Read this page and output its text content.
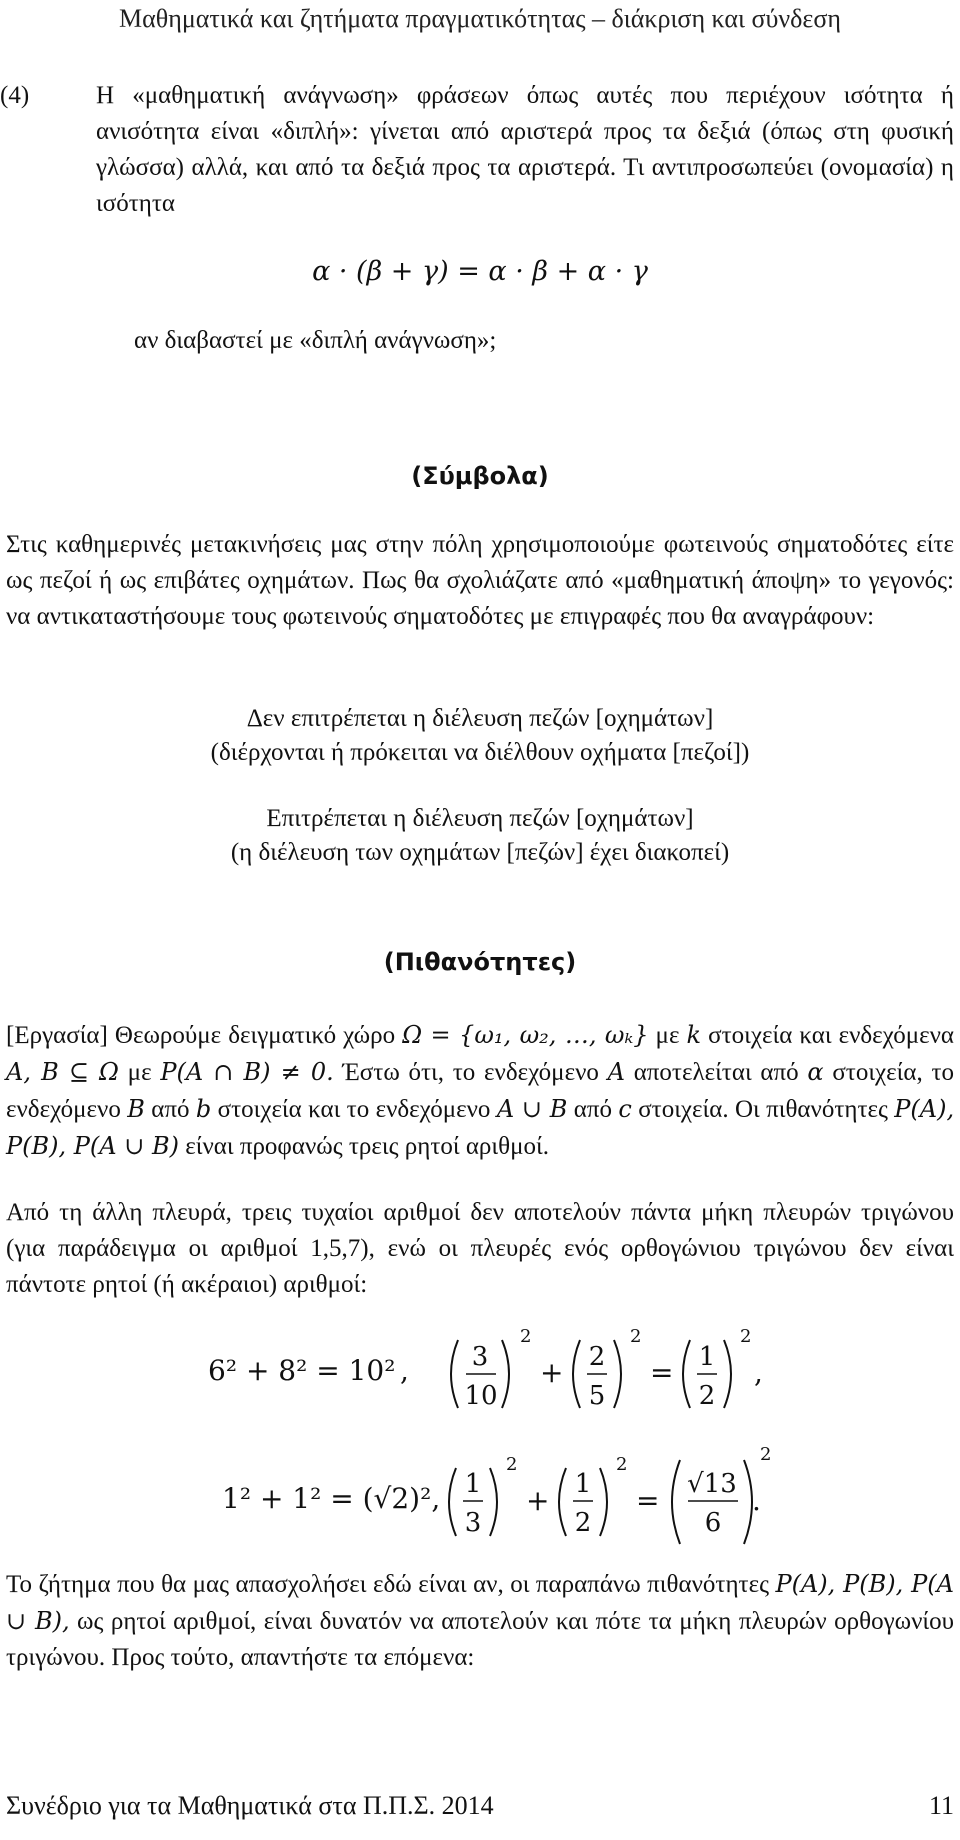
Μαθηματικά και ζητήματα πραγματικότητας – διάκριση και σύνδεση
(4)	Η «μαθηματική ανάγνωση» φράσεων όπως αυτές που περιέχουν ισότητα ή ανισότητα είναι «διπλή»: γίνεται από αριστερά προς τα δεξιά (όπως στη φυσική γλώσσα) αλλά, και από τα δεξιά προς τα αριστερά. Τι αντιπροσωπεύει (ονομασία) η ισότητα
α · (β + γ) = α · β + α · γ
αν διαβαστεί με «διπλή ανάγνωση»;
(Σύμβολα)
Στις καθημερινές μετακινήσεις μας στην πόλη χρησιμοποιούμε φωτεινούς σηματοδότες είτε ως πεζοί ή ως επιβάτες οχημάτων. Πως θα σχολιάζατε από «μαθηματική άποψη» το γεγονός: να αντικαταστήσουμε τους φωτεινούς σηματοδότες με επιγραφές που θα αναγράφουν:
Δεν επιτρέπεται η διέλευση πεζών [οχημάτων]
(διέρχονται ή πρόκειται να διέλθουν οχήματα [πεζοί])
Επιτρέπεται η διέλευση πεζών [οχημάτων]
(η διέλευση των οχημάτων [πεζών] έχει διακοπεί)
(Πιθανότητες)
[Εργασία] Θεωρούμε δειγματικό χώρο Ω = {ω₁, ω₂, …, ωₖ} με k στοιχεία και ενδεχόμενα A, B ⊆ Ω με P(A ∩ B) ≠ 0. Έστω ότι, το ενδεχόμενο A αποτελείται από α στοιχεία, το ενδεχόμενο B από b στοιχεία και το ενδεχόμενο A ∪ B από c στοιχεία. Οι πιθανότητες P(A), P(B), P(A ∪ B) είναι προφανώς τρεις ρητοί αριθμοί.
Από τη άλλη πλευρά, τρεις τυχαίοι αριθμοί δεν αποτελούν πάντα μήκη πλευρών τριγώνου (για παράδειγμα οι αριθμοί 1,5,7), ενώ οι πλευρές ενός ορθογώνιου τριγώνου δεν είναι πάντοτε ρητοί (ή ακέραιοι) αριθμοί:
6² + 8² = 10² , 3
10
2
+ 2
5
2
= 1
2
2
,
1² + 1² = (√2)², 1
3
2
+ 1
2
2
= √13
6
2
.
Το ζήτημα που θα μας απασχολήσει εδώ είναι αν, οι παραπάνω πιθανότητες P(A), P(B), P(A ∪ B), ως ρητοί αριθμοί, είναι δυνατόν να αποτελούν και πότε τα μήκη πλευρών ορθογωνίου τριγώνου. Προς τούτο, απαντήστε τα επόμενα:
Συνέδριο για τα Μαθηματικά στα Π.Π.Σ. 2014	11
